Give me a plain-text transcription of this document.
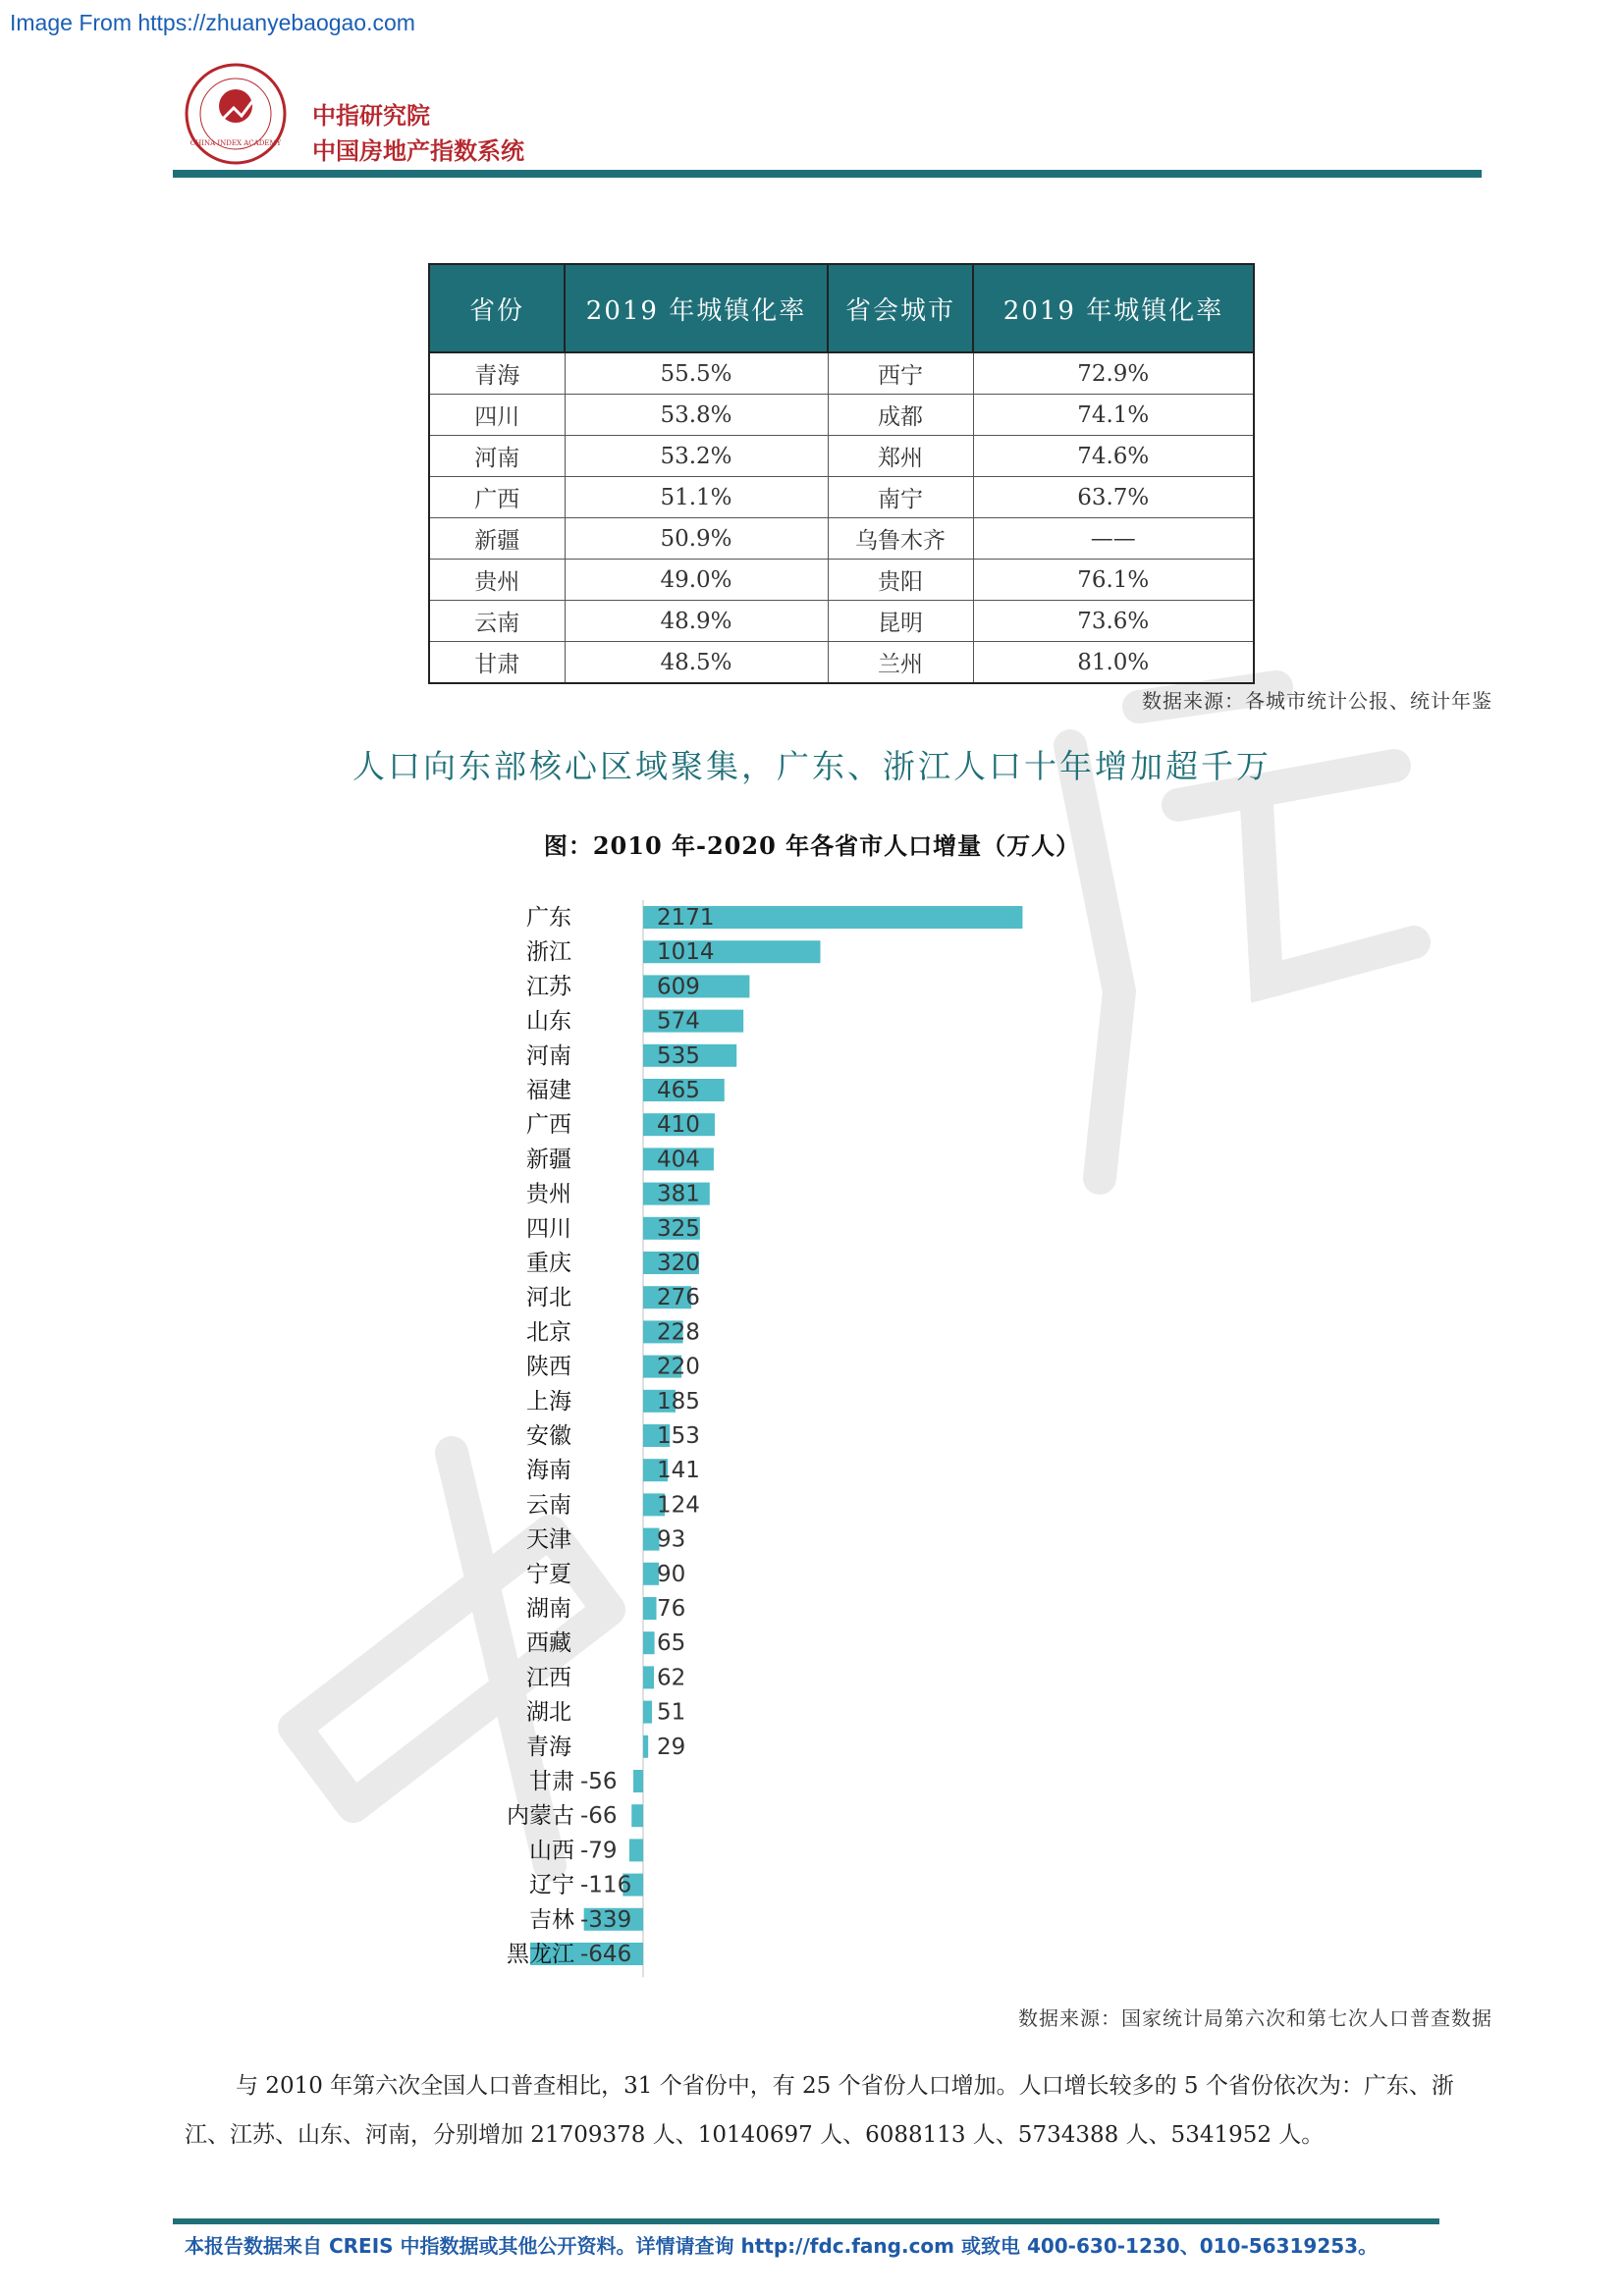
Image From https://zhuanyebaogao.com
CHINA INDEX ACADEMY
中指研究院
中国房地产指数系统
省份	2019 年城镇化率	省会城市	2019 年城镇化率
青海	55.5%	西宁	72.9%
四川	53.8%	成都	74.1%
河南	53.2%	郑州	74.6%
广西	51.1%	南宁	63.7%
新疆	50.9%	乌鲁木齐	——
贵州	49.0%	贵阳	76.1%
云南	48.9%	昆明	73.6%
甘肃	48.5%	兰州	81.0%
数据来源：各城市统计公报、统计年鉴
人口向东部核心区域聚集，广东、浙江人口十年增加超千万
图：2010 年-2020 年各省市人口增量（万人）
广东	2171
浙江	1014
江苏	609
山东	574
河南	535
福建	465
广西	410
新疆	404
贵州	381
四川	325
重庆	320
河北	276
北京	228
陕西	220
上海	185
安徽	153
海南	141
云南	124
天津	93
宁夏	90
湖南	76
西藏	65
江西	62
湖北	51
青海	29
甘肃 -56
内蒙古 -66
山西 -79
辽宁 -116
吉林 -339
黑龙江 -646
数据来源：国家统计局第六次和第七次人口普查数据
与 2010 年第六次全国人口普查相比，31 个省份中，有 25 个省份人口增加。人口增长较多的 5 个省份依次为：广东、浙江、江苏、山东、河南，分别增加 21709378 人、10140697 人、6088113 人、5734388 人、5341952 人。
本报告数据来自 CREIS 中指数据或其他公开资料。详情请查询 http://fdc.fang.com 或致电 400-630-1230、010-56319253。
